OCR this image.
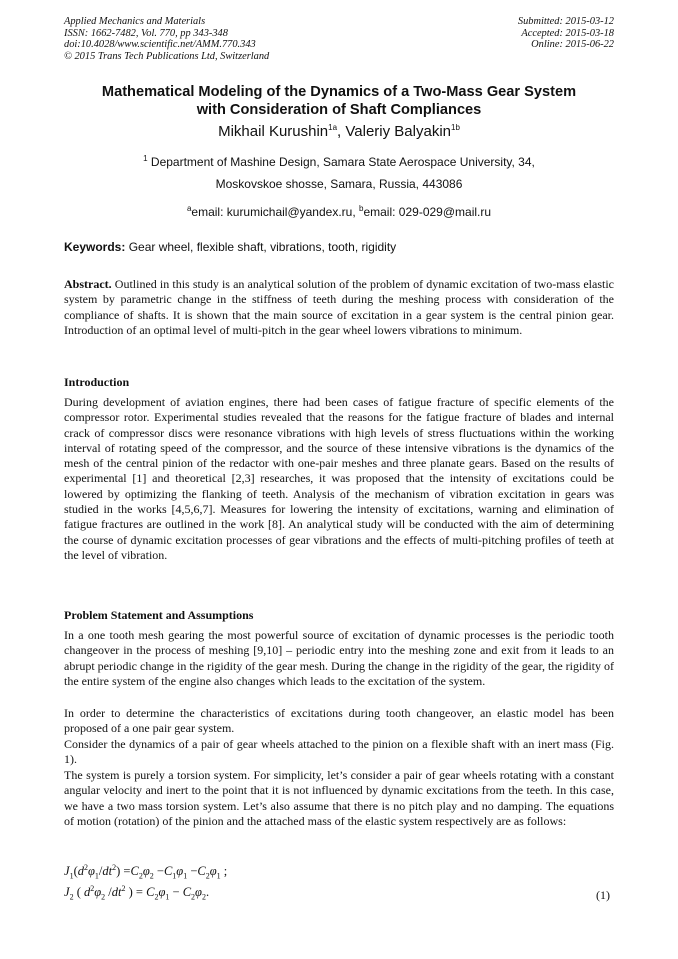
Applied Mechanics and Materials
ISSN: 1662-7482, Vol. 770, pp 343-348
doi:10.4028/www.scientific.net/AMM.770.343
© 2015 Trans Tech Publications Ltd, Switzerland
Submitted: 2015-03-12
Accepted: 2015-03-18
Online: 2015-06-22
Mathematical Modeling of the Dynamics of a Two-Mass Gear System
with Consideration of Shaft Compliances
Mikhail Kurushin$^{1a}$, Valeriy Balyakin$^{1b}$
$^1$ Department of Mashine Design, Samara State Aerospace University, 34,
Moskovskoe shosse, Samara, Russia, 443086
$^a$email: kurumichail@yandex.ru, $^b$email: 029-029@mail.ru
Keywords: Gear wheel, flexible shaft, vibrations, tooth, rigidity
Abstract. Outlined in this study is an analytical solution of the problem of dynamic excitation of two-mass elastic system by parametric change in the stiffness of teeth during the meshing process with consideration of the compliance of shafts. It is shown that the main source of excitation in a gear system is the central pinion gear. Introduction of an optimal level of multi-pitch in the gear wheel lowers vibrations to minimum.
Introduction
During development of aviation engines, there had been cases of fatigue fracture of specific elements of the compressor rotor. Experimental studies revealed that the reasons for the fatigue fracture of blades and internal crack of compressor discs were resonance vibrations with high levels of stress fluctuations within the working interval of rotating speed of the compressor, and the source of these intensive vibrations is the dynamics of the mesh of the central pinion of the redactor with one-pair meshes and three planate gears. Based on the results of experimental [1] and theoretical [2,3] researches, it was proposed that the intensity of excitations could be lowered by optimizing the flanking of teeth. Analysis of the mechanism of vibration excitation in gears was studied in the works [4,5,6,7]. Measures for lowering the intensity of excitations, warning and elimination of fatigue fractures are outlined in the work [8]. An analytical study will be conducted with the aim of determining the course of dynamic excitation processes of gear vibrations and the effects of multi-pitching profiles of teeth at the level of vibration.
Problem Statement and Assumptions
In a one tooth mesh gearing the most powerful source of excitation of dynamic processes is the periodic tooth changeover in the process of meshing [9,10] – periodic entry into the meshing zone and exit from it leads to an abrupt periodic change in the rigidity of the gear mesh. During the change in the rigidity of the gear, the rigidity of the entire system of the engine also changes which leads to the excitation of the system.
In order to determine the characteristics of excitations during tooth changeover, an elastic model has been proposed of a one pair gear system.
Consider the dynamics of a pair of gear wheels attached to the pinion on a flexible shaft with an inert mass (Fig. 1).
The system is purely a torsion system. For simplicity, let’s consider a pair of gear wheels rotating with a constant angular velocity and inert to the point that it is not influenced by dynamic excitations from the teeth. In this case, we have a two mass torsion system. Let’s also assume that there is no pitch play and no damping. The equations of motion (rotation) of the pinion and the attached mass of the elastic system respectively are as follows:
$J_1(d^2\varphi_1/dt^2) =C_2\varphi_2 -C_1\varphi_1 -C_2\varphi_1$ ;
$J_2$ ( $d^2\varphi_2$ $/dt^2$ ) = $C_2\varphi_1 - C_2\varphi_2$.	(1)
